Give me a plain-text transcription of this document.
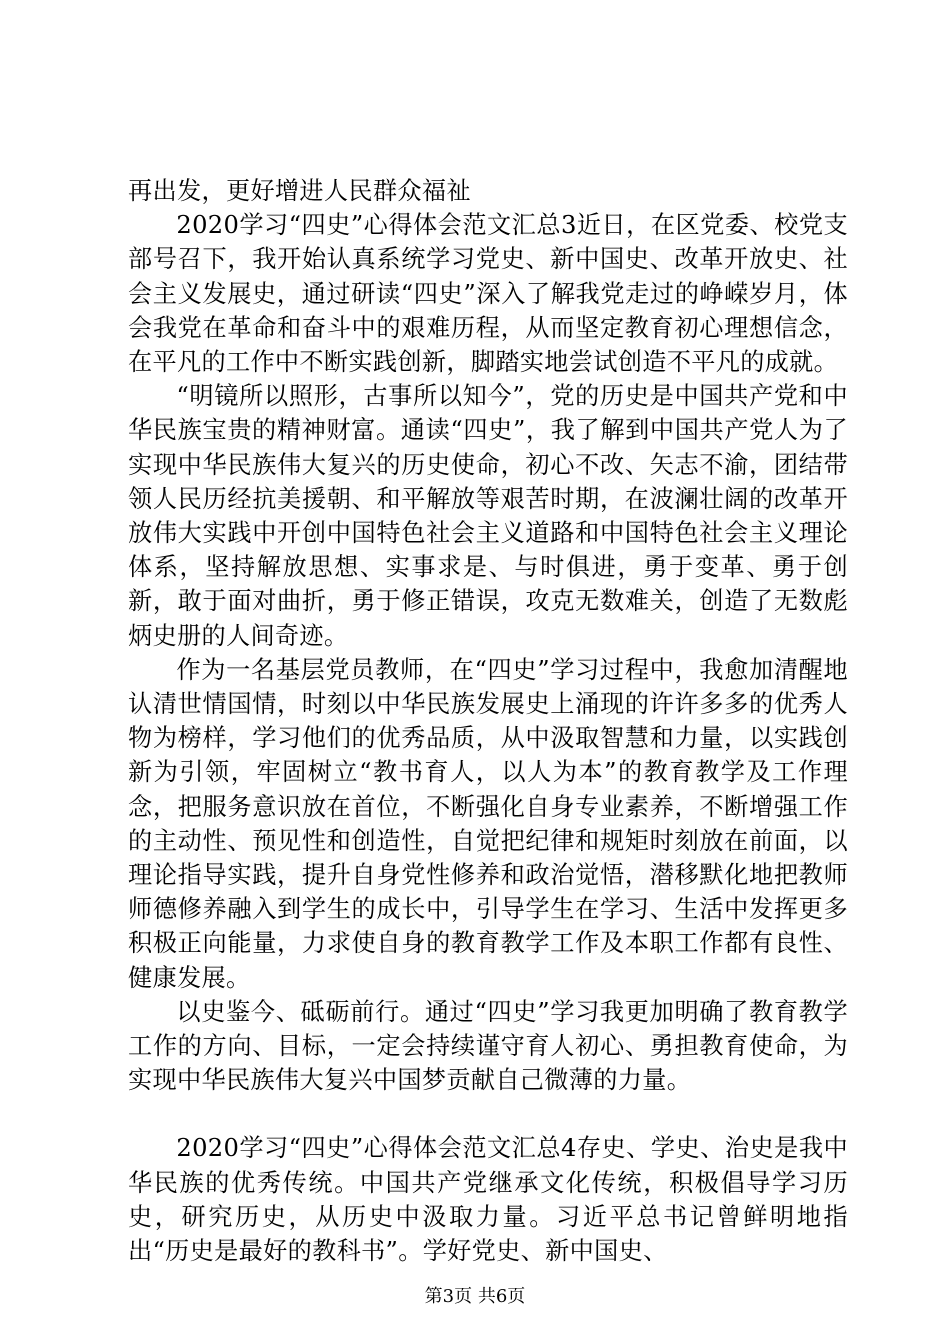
再出发，更好增进人民群众福祉

2020学习“四史”心得体会范文汇总3近日，在区党委、校党支部号召下，我开始认真系统学习党史、新中国史、改革开放史、社会主义发展史，通过研读“四史”深入了解我党走过的峥嵘岁月，体会我党在革命和奋斗中的艰难历程，从而坚定教育初心理想信念，在平凡的工作中不断实践创新，脚踏实地尝试创造不平凡的成就。

“明镜所以照形，古事所以知今”，党的历史是中国共产党和中华民族宝贵的精神财富。通读“四史”，我了解到中国共产党人为了实现中华民族伟大复兴的历史使命，初心不改、矢志不渝，团结带领人民历经抗美援朝、和平解放等艰苦时期，在波澜壮阔的改革开放伟大实践中开创中国特色社会主义道路和中国特色社会主义理论体系，坚持解放思想、实事求是、与时俱进，勇于变革、勇于创新，敢于面对曲折，勇于修正错误，攻克无数难关，创造了无数彪炳史册的人间奇迹。

作为一名基层党员教师，在“四史”学习过程中，我愈加清醒地认清世情国情，时刻以中华民族发展史上涌现的许许多多的优秀人物为榜样，学习他们的优秀品质，从中汲取智慧和力量，以实践创新为引领，牢固树立“教书育人，以人为本”的教育教学及工作理念，把服务意识放在首位，不断强化自身专业素养，不断增强工作的主动性、预见性和创造性，自觉把纪律和规矩时刻放在前面，以理论指导实践，提升自身党性修养和政治觉悟，潜移默化地把教师师德修养融入到学生的成长中，引导学生在学习、生活中发挥更多积极正向能量，力求使自身的教育教学工作及本职工作都有良性、健康发展。

以史鉴今、砥砺前行。通过“四史”学习我更加明确了教育教学工作的方向、目标，一定会持续谨守育人初心、勇担教育使命，为实现中华民族伟大复兴中国梦贡献自己微薄的力量。

2020学习“四史”心得体会范文汇总4存史、学史、治史是我中华民族的优秀传统。中国共产党继承文化传统，积极倡导学习历史，研究历史，从历史中汲取力量。习近平总书记曾鲜明地指出“历史是最好的教科书”。学好党史、新中国史、

第3页 共6页
